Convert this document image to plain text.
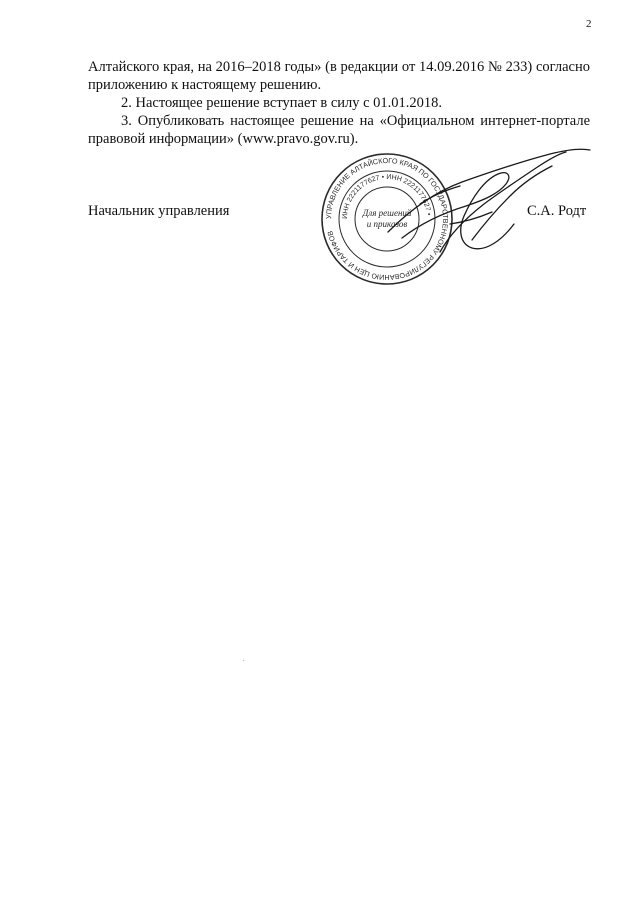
2

Алтайского края, на 2016–2018 годы» (в редакции от 14.09.2016 № 233) согласно приложению к настоящему решению.

2. Настоящее решение вступает в силу с 01.01.2018.

3. Опубликовать настоящее решение на «Официальном интернет-портале правовой информации» (www.pravo.gov.ru).

Начальник управления	С.А. Родт
УПРАВЛЕНИЕ АЛТАЙСКОГО КРАЯ ПО ГОСУДАРСТВЕННОМУ РЕГУЛИРОВАНИЮ ЦЕН И ТАРИФОВ
ИНН 2221177627 • ИНН 2221177627 •
Для решений
и приказов
